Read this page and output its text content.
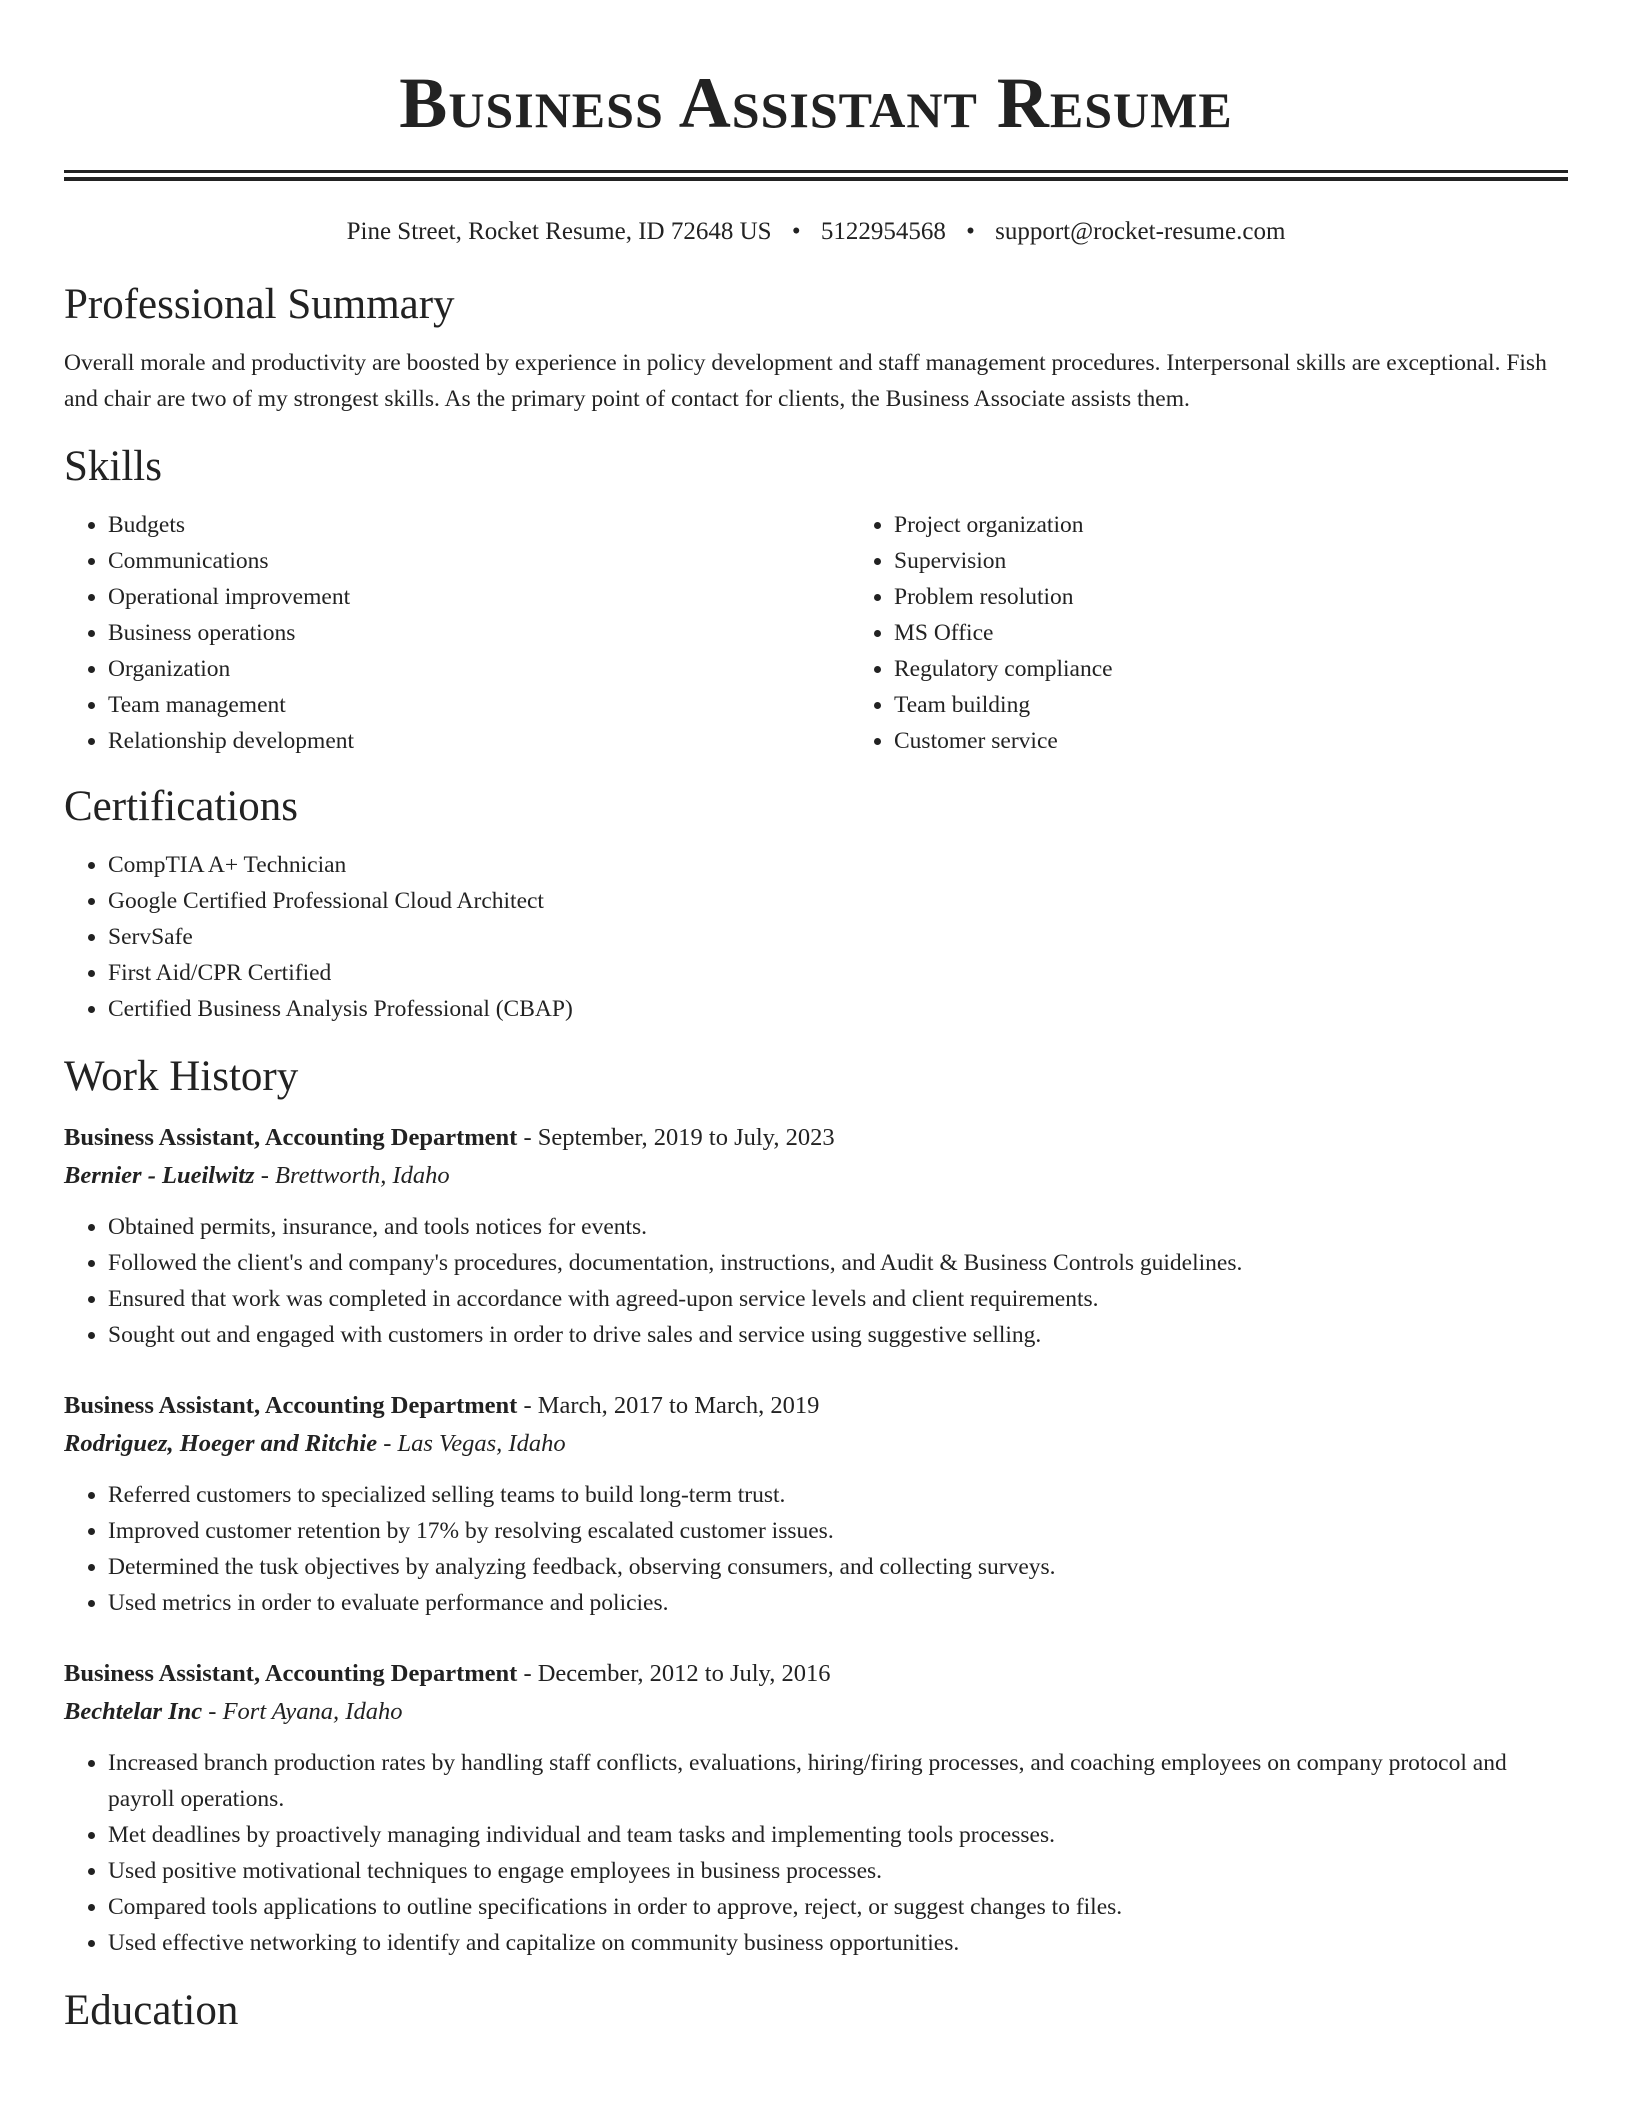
Business Assistant Resume
Pine Street, Rocket Resume, ID 72648 US • 5122954568 • support@rocket-resume.com
Professional Summary

Overall morale and productivity are boosted by experience in policy development and staff management procedures. Interpersonal skills are exceptional. Fish and chair are two of my strongest skills. As the primary point of contact for clients, the Business Associate assists them.

Skills
• Budgets
• Communications
• Operational improvement
• Business operations
• Organization
• Team management
• Relationship development
• Project organization
• Supervision
• Problem resolution
• MS Office
• Regulatory compliance
• Team building
• Customer service
Certifications
• CompTIA A+ Technician
• Google Certified Professional Cloud Architect
• ServSafe
• First Aid/CPR Certified
• Certified Business Analysis Professional (CBAP)
Work History
Business Assistant, Accounting Department - September, 2019 to July, 2023
Bernier - Lueilwitz - Brettworth, Idaho
• Obtained permits, insurance, and tools notices for events.
• Followed the client's and company's procedures, documentation, instructions, and Audit & Business Controls guidelines.
• Ensured that work was completed in accordance with agreed-upon service levels and client requirements.
• Sought out and engaged with customers in order to drive sales and service using suggestive selling.
Business Assistant, Accounting Department - March, 2017 to March, 2019
Rodriguez, Hoeger and Ritchie - Las Vegas, Idaho
• Referred customers to specialized selling teams to build long-term trust.
• Improved customer retention by 17% by resolving escalated customer issues.
• Determined the tusk objectives by analyzing feedback, observing consumers, and collecting surveys.
• Used metrics in order to evaluate performance and policies.
Business Assistant, Accounting Department - December, 2012 to July, 2016
Bechtelar Inc - Fort Ayana, Idaho
• Increased branch production rates by handling staff conflicts, evaluations, hiring/firing processes, and coaching employees on company protocol and payroll operations.
• Met deadlines by proactively managing individual and team tasks and implementing tools processes.
• Used positive motivational techniques to engage employees in business processes.
• Compared tools applications to outline specifications in order to approve, reject, or suggest changes to files.
• Used effective networking to identify and capitalize on community business opportunities.
Education
